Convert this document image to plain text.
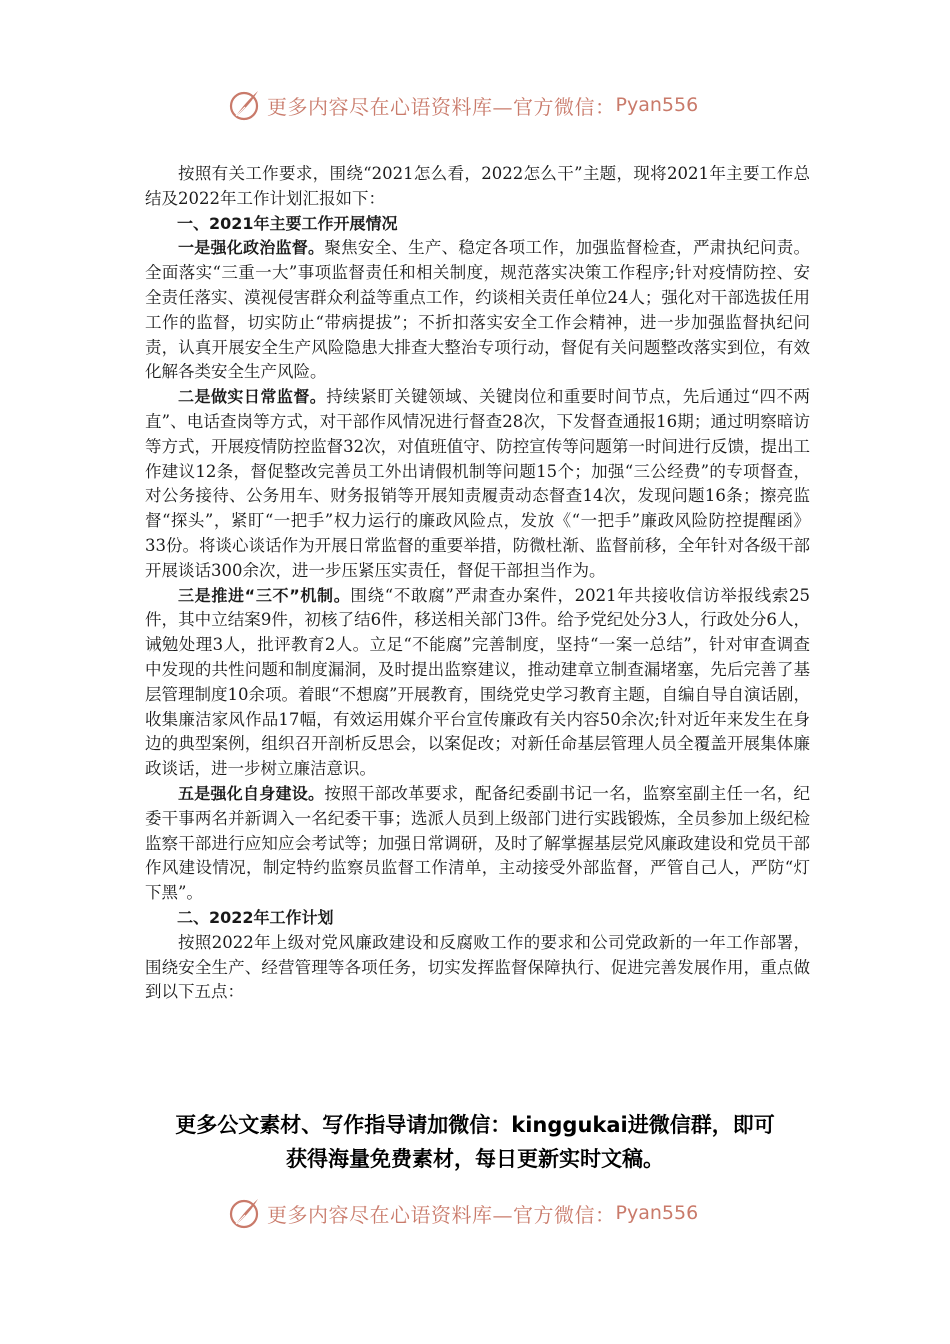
更多内容尽在心语资料库—官方微信： Pyan556

按照有关工作要求，围绕“2021怎么看，2022怎么干”主题，现将2021年主要工作总结及2022年工作计划汇报如下：

一、2021年主要工作开展情况

一是强化政治监督。聚焦安全、生产、稳定各项工作，加强监督检查，严肃执纪问责。全面落实“三重一大”事项监督责任和相关制度，规范落实决策工作程序;针对疫情防控、安全责任落实、漠视侵害群众利益等重点工作，约谈相关责任单位24人；强化对干部选拔任用工作的监督，切实防止“带病提拔”；不折扣落实安全工作会精神，进一步加强监督执纪问责，认真开展安全生产风险隐患大排查大整治专项行动，督促有关问题整改落实到位，有效化解各类安全生产风险。

二是做实日常监督。持续紧盯关键领域、关键岗位和重要时间节点，先后通过“四不两直”、电话查岗等方式，对干部作风情况进行督查28次，下发督查通报16期；通过明察暗访等方式，开展疫情防控监督32次，对值班值守、防控宣传等问题第一时间进行反馈，提出工作建议12条，督促整改完善员工外出请假机制等问题15个；加强“三公经费”的专项督查，对公务接待、公务用车、财务报销等开展知责履责动态督查14次，发现问题16条；擦亮监督“探头”，紧盯“一把手”权力运行的廉政风险点，发放《“一把手”廉政风险防控提醒函》33份。将谈心谈话作为开展日常监督的重要举措，防微杜渐、监督前移，全年针对各级干部开展谈话300余次，进一步压紧压实责任，督促干部担当作为。

三是推进“三不”机制。围绕“不敢腐”严肃查办案件，2021年共接收信访举报线索25件，其中立结案9件，初核了结6件，移送相关部门3件。给予党纪处分3人，行政处分6人，诫勉处理3人，批评教育2人。立足“不能腐”完善制度，坚持“一案一总结”，针对审查调查中发现的共性问题和制度漏洞，及时提出监察建议，推动建章立制查漏堵塞，先后完善了基层管理制度10余项。着眼“不想腐”开展教育，围绕党史学习教育主题，自编自导自演话剧，收集廉洁家风作品17幅，有效运用媒介平台宣传廉政有关内容50余次;针对近年来发生在身边的典型案例，组织召开剖析反思会，以案促改；对新任命基层管理人员全覆盖开展集体廉政谈话，进一步树立廉洁意识。

五是强化自身建设。按照干部改革要求，配备纪委副书记一名，监察室副主任一名，纪委干事两名并新调入一名纪委干事；选派人员到上级部门进行实践锻炼，全员参加上级纪检监察干部进行应知应会考试等；加强日常调研，及时了解掌握基层党风廉政建设和党员干部作风建设情况，制定特约监察员监督工作清单，主动接受外部监督，严管自己人，严防“灯下黑”。

二、2022年工作计划

按照2022年上级对党风廉政建设和反腐败工作的要求和公司党政新的一年工作部署，围绕安全生产、经营管理等各项任务，切实发挥监督保障执行、促进完善发展作用，重点做到以下五点：

更多公文素材、写作指导请加微信：kinggukai进微信群，即可
获得海量免费素材，每日更新实时文稿。
更多内容尽在心语资料库—官方微信： Pyan556
